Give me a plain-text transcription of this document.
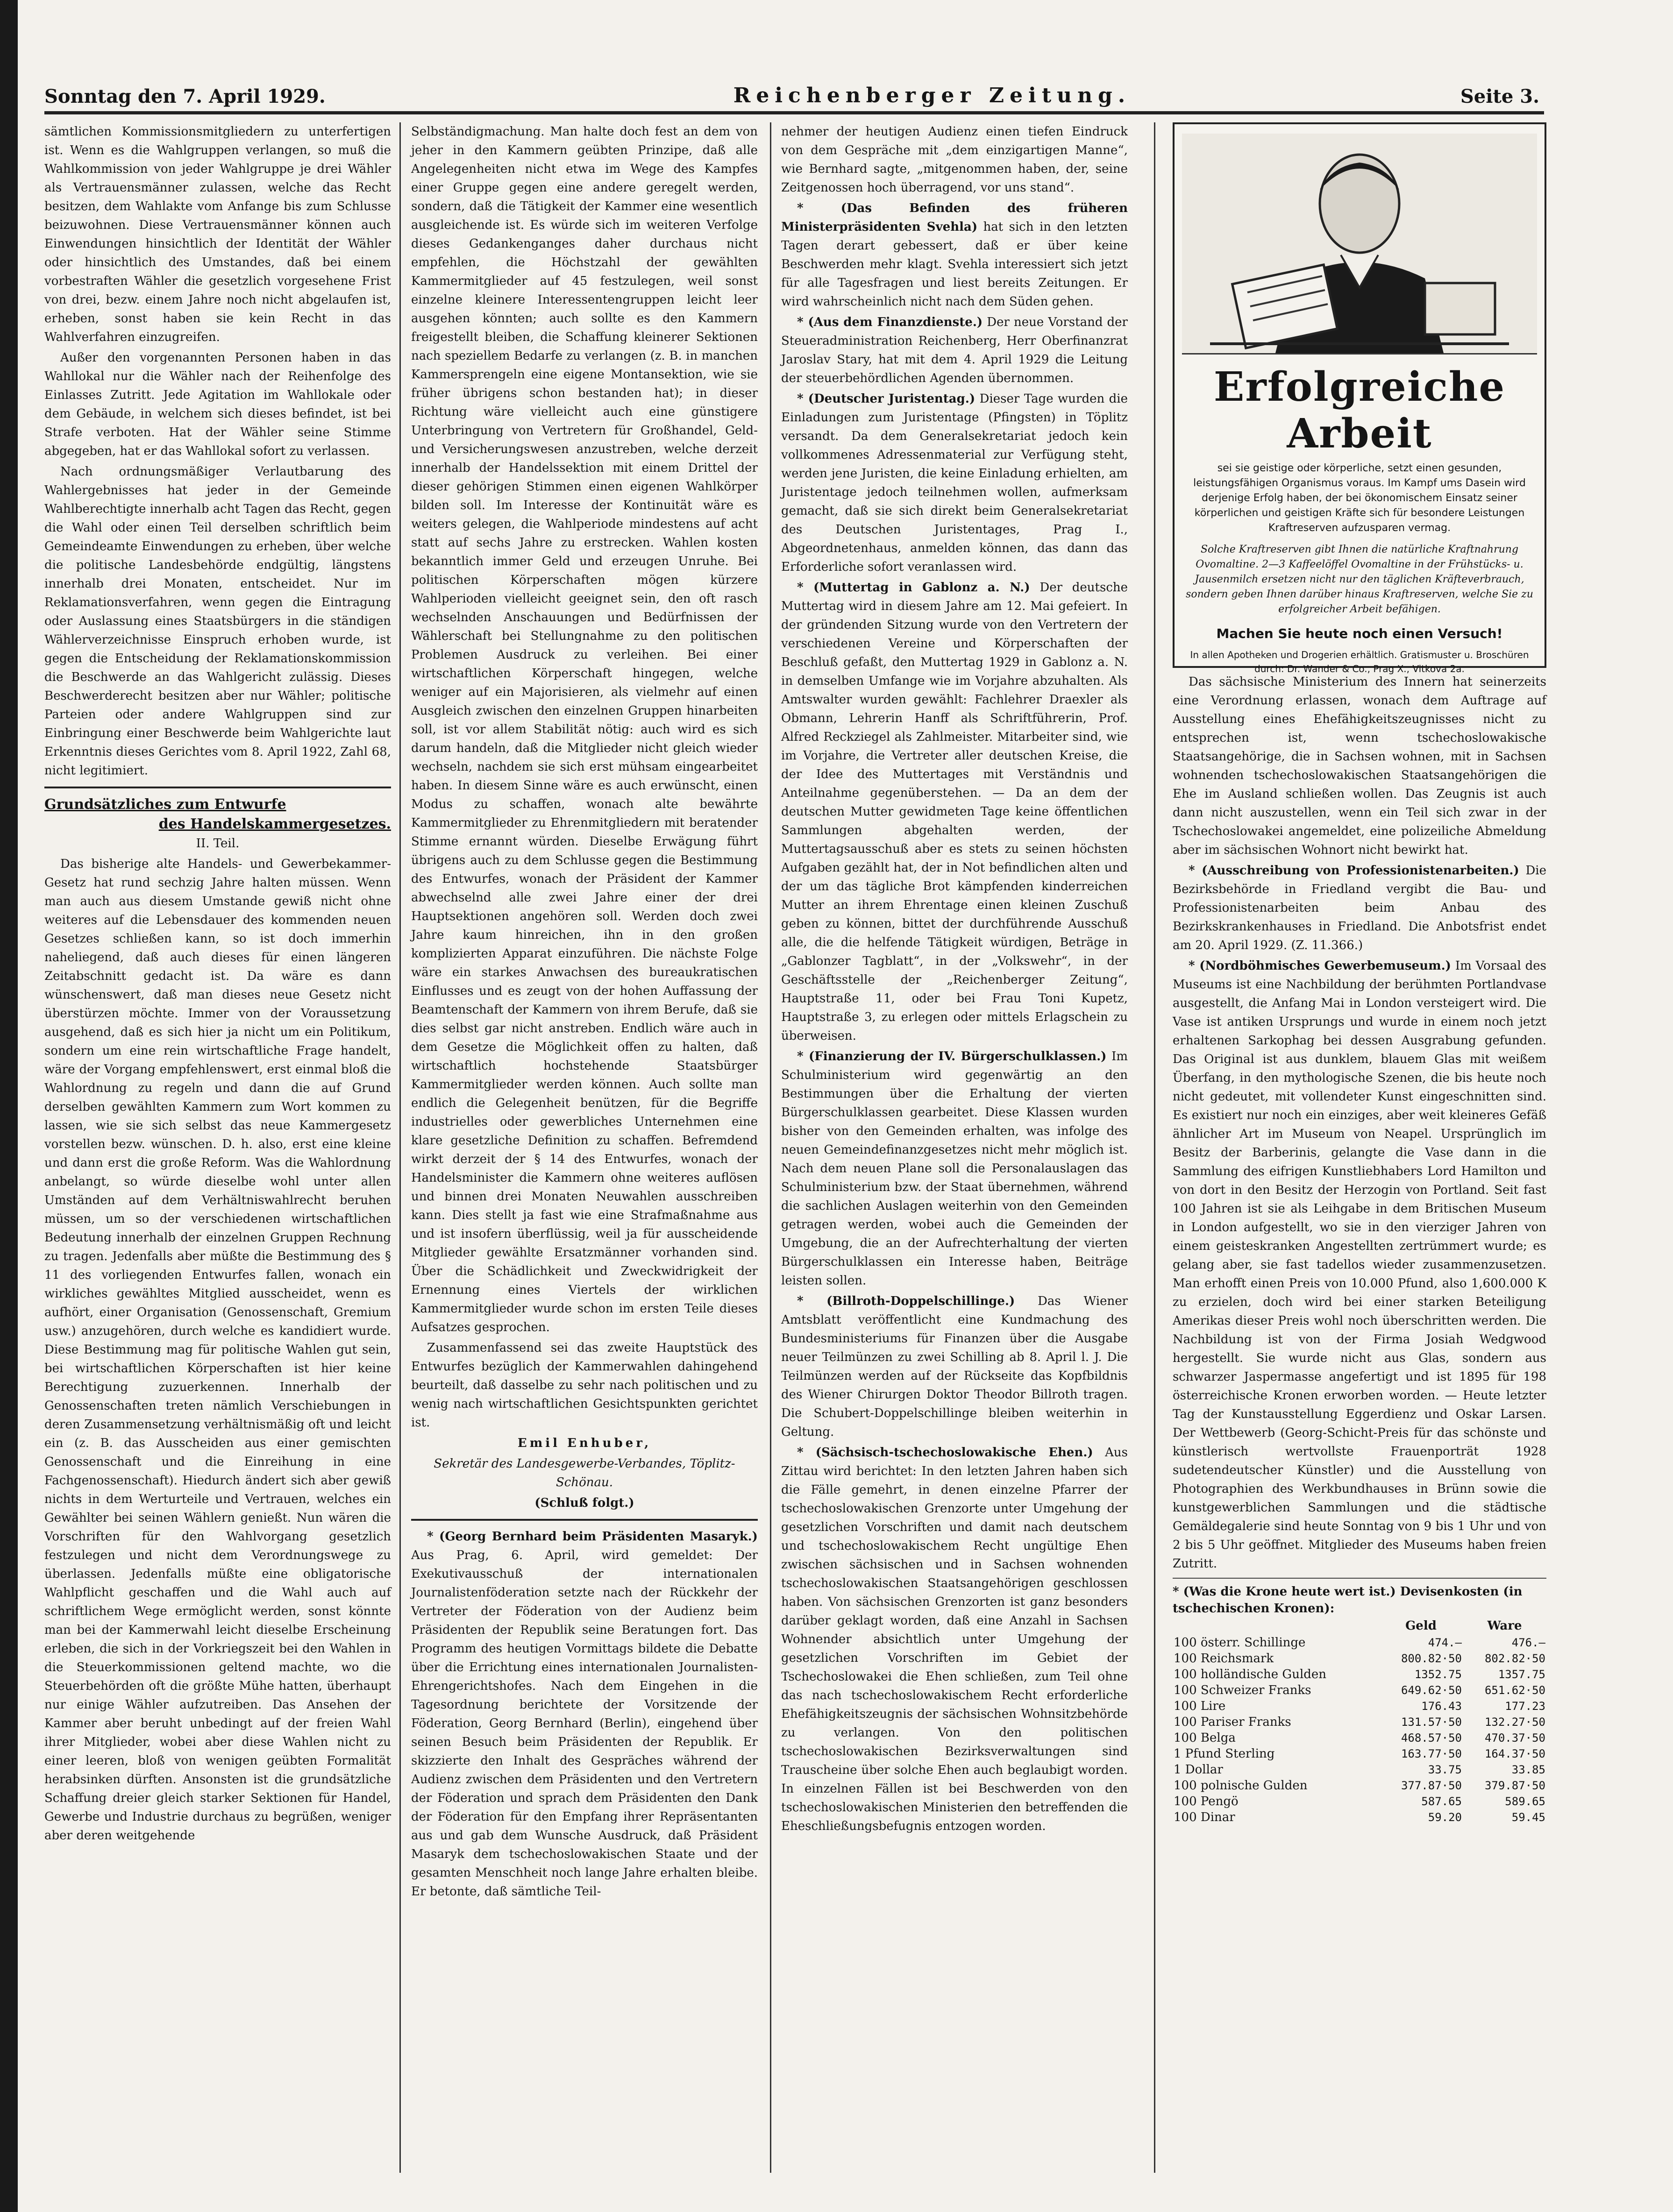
Sonntag den 7. April 1929.	Reichenberger Zeitung.	Seite 3.

sämtlichen Kommissionsmitgliedern zu unterfertigen ist. Wenn es die Wahlgruppen verlangen, so muß die Wahlkommission von jeder Wahlgruppe je drei Wähler als Vertrauensmänner zulassen, welche das Recht besitzen, dem Wahlakte vom Anfange bis zum Schlusse beizuwohnen. Diese Vertrauensmänner können auch Einwendungen hinsichtlich der Identität der Wähler oder hinsichtlich des Umstandes, daß bei einem vorbestraften Wähler die gesetzlich vorgesehene Frist von drei, bezw. einem Jahre noch nicht abgelaufen ist, erheben, sonst haben sie kein Recht in das Wahlverfahren einzugreifen.

Außer den vorgenannten Personen haben in das Wahllokal nur die Wähler nach der Reihenfolge des Einlasses Zutritt. Jede Agitation im Wahllokale oder dem Gebäude, in welchem sich dieses befindet, ist bei Strafe verboten. Hat der Wähler seine Stimme abgegeben, hat er das Wahllokal sofort zu verlassen.

Nach ordnungsmäßiger Verlautbarung des Wahlergebnisses hat jeder in der Gemeinde Wahlberechtigte innerhalb acht Tagen das Recht, gegen die Wahl oder einen Teil derselben schriftlich beim Gemeindeamte Einwendungen zu erheben, über welche die politische Landesbehörde endgültig, längstens innerhalb drei Monaten, entscheidet. Nur im Reklamationsverfahren, wenn gegen die Eintragung oder Auslassung eines Staatsbürgers in die ständigen Wählerverzeichnisse Einspruch erhoben wurde, ist gegen die Entscheidung der Reklamationskommission die Beschwerde an das Wahlgericht zulässig. Dieses Beschwerderecht besitzen aber nur Wähler; politische Parteien oder andere Wahlgruppen sind zur Einbringung einer Beschwerde beim Wahlgerichte laut Erkenntnis dieses Gerichtes vom 8. April 1922, Zahl 68, nicht legitimiert.

Grundsätzliches zum Entwurfe
des Handelskammergesetzes.

II. Teil.

Das bisherige alte Handels- und Gewerbekammer-Gesetz hat rund sechzig Jahre halten müssen. Wenn man auch aus diesem Umstande gewiß nicht ohne weiteres auf die Lebensdauer des kommenden neuen Gesetzes schließen kann, so ist doch immerhin naheliegend, daß auch dieses für einen längeren Zeitabschnitt gedacht ist. Da wäre es dann wünschenswert, daß man dieses neue Gesetz nicht überstürzen möchte. Immer von der Voraussetzung ausgehend, daß es sich hier ja nicht um ein Politikum, sondern um eine rein wirtschaftliche Frage handelt, wäre der Vorgang empfehlenswert, erst einmal bloß die Wahlordnung zu regeln und dann die auf Grund derselben gewählten Kammern zum Wort kommen zu lassen, wie sie sich selbst das neue Kammergesetz vorstellen bezw. wünschen. D. h. also, erst eine kleine und dann erst die große Reform. Was die Wahlordnung anbelangt, so würde dieselbe wohl unter allen Umständen auf dem Verhältniswahlrecht beruhen müssen, um so der verschiedenen wirtschaftlichen Bedeutung innerhalb der einzelnen Gruppen Rechnung zu tragen. Jedenfalls aber müßte die Bestimmung des § 11 des vorliegenden Entwurfes fallen, wonach ein wirkliches gewähltes Mitglied ausscheidet, wenn es aufhört, einer Organisation (Genossenschaft, Gremium usw.) anzugehören, durch welche es kandidiert wurde. Diese Bestimmung mag für politische Wahlen gut sein, bei wirtschaftlichen Körperschaften ist hier keine Berechtigung zuzuerkennen. Innerhalb der Genossenschaften treten nämlich Verschiebungen in deren Zusammensetzung verhältnismäßig oft und leicht ein (z. B. das Ausscheiden aus einer gemischten Genossenschaft und die Einreihung in eine Fachgenossenschaft). Hiedurch ändert sich aber gewiß nichts in dem Werturteile und Vertrauen, welches ein Gewählter bei seinen Wählern genießt. Nun wären die Vorschriften für den Wahlvorgang gesetzlich festzulegen und nicht dem Verordnungswege zu überlassen. Jedenfalls müßte eine obligatorische Wahlpflicht geschaffen und die Wahl auch auf schriftlichem Wege ermöglicht werden, sonst könnte man bei der Kammerwahl leicht dieselbe Erscheinung erleben, die sich in der Vorkriegszeit bei den Wahlen in die Steuerkommissionen geltend machte, wo die Steuerbehörden oft die größte Mühe hatten, überhaupt nur einige Wähler aufzutreiben. Das Ansehen der Kammer aber beruht unbedingt auf der freien Wahl ihrer Mitglieder, wobei aber diese Wahlen nicht zu einer leeren, bloß von wenigen geübten Formalität herabsinken dürften. Ansonsten ist die grundsätzliche Schaffung dreier gleich starker Sektionen für Handel, Gewerbe und Industrie durchaus zu begrüßen, weniger aber deren weitgehende

Selbständigmachung. Man halte doch fest an dem von jeher in den Kammern geübten Prinzipe, daß alle Angelegenheiten nicht etwa im Wege des Kampfes einer Gruppe gegen eine andere geregelt werden, sondern, daß die Tätigkeit der Kammer eine wesentlich ausgleichende ist. Es würde sich im weiteren Verfolge dieses Gedankenganges daher durchaus nicht empfehlen, die Höchstzahl der gewählten Kammermitglieder auf 45 festzulegen, weil sonst einzelne kleinere Interessentengruppen leicht leer ausgehen könnten; auch sollte es den Kammern freigestellt bleiben, die Schaffung kleinerer Sektionen nach speziellem Bedarfe zu verlangen (z. B. in manchen Kammersprengeln eine eigene Montansektion, wie sie früher übrigens schon bestanden hat); in dieser Richtung wäre vielleicht auch eine günstigere Unterbringung von Vertretern für Großhandel, Geld- und Versicherungswesen anzustreben, welche derzeit innerhalb der Handelssektion mit einem Drittel der dieser gehörigen Stimmen einen eigenen Wahlkörper bilden soll. Im Interesse der Kontinuität wäre es weiters gelegen, die Wahlperiode mindestens auf acht statt auf sechs Jahre zu erstrecken. Wahlen kosten bekanntlich immer Geld und erzeugen Unruhe. Bei politischen Körperschaften mögen kürzere Wahlperioden vielleicht geeignet sein, den oft rasch wechselnden Anschauungen und Bedürfnissen der Wählerschaft bei Stellungnahme zu den politischen Problemen Ausdruck zu verleihen. Bei einer wirtschaftlichen Körperschaft hingegen, welche weniger auf ein Majorisieren, als vielmehr auf einen Ausgleich zwischen den einzelnen Gruppen hinarbeiten soll, ist vor allem Stabilität nötig: auch wird es sich darum handeln, daß die Mitglieder nicht gleich wieder wechseln, nachdem sie sich erst mühsam eingearbeitet haben. In diesem Sinne wäre es auch erwünscht, einen Modus zu schaffen, wonach alte bewährte Kammermitglieder zu Ehrenmitgliedern mit beratender Stimme ernannt würden. Dieselbe Erwägung führt übrigens auch zu dem Schlusse gegen die Bestimmung des Entwurfes, wonach der Präsident der Kammer abwechselnd alle zwei Jahre einer der drei Hauptsektionen angehören soll. Werden doch zwei Jahre kaum hinreichen, ihn in den großen komplizierten Apparat einzuführen. Die nächste Folge wäre ein starkes Anwachsen des bureaukratischen Einflusses und es zeugt von der hohen Auffassung der Beamtenschaft der Kammern von ihrem Berufe, daß sie dies selbst gar nicht anstreben. Endlich wäre auch in dem Gesetze die Möglichkeit offen zu halten, daß wirtschaftlich hochstehende Staatsbürger Kammermitglieder werden können. Auch sollte man endlich die Gelegenheit benützen, für die Begriffe industrielles oder gewerbliches Unternehmen eine klare gesetzliche Definition zu schaffen. Befremdend wirkt derzeit der § 14 des Entwurfes, wonach der Handelsminister die Kammern ohne weiteres auflösen und binnen drei Monaten Neuwahlen ausschreiben kann. Dies stellt ja fast wie eine Strafmaßnahme aus und ist insofern überflüssig, weil ja für ausscheidende Mitglieder gewählte Ersatzmänner vorhanden sind. Über die Schädlichkeit und Zweckwidrigkeit der Ernennung eines Viertels der wirklichen Kammermitglieder wurde schon im ersten Teile dieses Aufsatzes gesprochen.

Zusammenfassend sei das zweite Hauptstück des Entwurfes bezüglich der Kammerwahlen dahingehend beurteilt, daß dasselbe zu sehr nach politischen und zu wenig nach wirtschaftlichen Gesichtspunkten gerichtet ist.

Emil Enhuber,

Sekretär des Landesgewerbe-Verbandes, Töplitz-Schönau.

(Schluß folgt.)

* (Georg Bernhard beim Präsidenten Masaryk.) Aus Prag, 6. April, wird gemeldet: Der Exekutivausschuß der internationalen Journalistenföderation setzte nach der Rückkehr der Vertreter der Föderation von der Audienz beim Präsidenten der Republik seine Beratungen fort. Das Programm des heutigen Vormittags bildete die Debatte über die Errichtung eines internationalen Journalisten-Ehrengerichtshofes. Nach dem Eingehen in die Tagesordnung berichtete der Vorsitzende der Föderation, Georg Bernhard (Berlin), eingehend über seinen Besuch beim Präsidenten der Republik. Er skizzierte den Inhalt des Gespräches während der Audienz zwischen dem Präsidenten und den Vertretern der Föderation und sprach dem Präsidenten den Dank der Föderation für den Empfang ihrer Repräsentanten aus und gab dem Wunsche Ausdruck, daß Präsident Masaryk dem tschechoslowakischen Staate und der gesamten Menschheit noch lange Jahre erhalten bleibe. Er betonte, daß sämtliche Teil-

nehmer der heutigen Audienz einen tiefen Eindruck von dem Gespräche mit „dem einzigartigen Manne“, wie Bernhard sagte, „mitgenommen haben, der, seine Zeitgenossen hoch überragend, vor uns stand“.

* (Das Befinden des früheren Ministerpräsidenten Svehla) hat sich in den letzten Tagen derart gebessert, daß er über keine Beschwerden mehr klagt. Svehla interessiert sich jetzt für alle Tagesfragen und liest bereits Zeitungen. Er wird wahrscheinlich nicht nach dem Süden gehen.

* (Aus dem Finanzdienste.) Der neue Vorstand der Steueradministration Reichenberg, Herr Oberfinanzrat Jaroslav Stary, hat mit dem 4. April 1929 die Leitung der steuerbehördlichen Agenden übernommen.

* (Deutscher Juristentag.) Dieser Tage wurden die Einladungen zum Juristentage (Pfingsten) in Töplitz versandt. Da dem Generalsekretariat jedoch kein vollkommenes Adressenmaterial zur Verfügung steht, werden jene Juristen, die keine Einladung erhielten, am Juristentage jedoch teilnehmen wollen, aufmerksam gemacht, daß sie sich direkt beim Generalsekretariat des Deutschen Juristentages, Prag I., Abgeordnetenhaus, anmelden können, das dann das Erforderliche sofort veranlassen wird.

* (Muttertag in Gablonz a. N.) Der deutsche Muttertag wird in diesem Jahre am 12. Mai gefeiert. In der gründenden Sitzung wurde von den Vertretern der verschiedenen Vereine und Körperschaften der Beschluß gefaßt, den Muttertag 1929 in Gablonz a. N. in demselben Umfange wie im Vorjahre abzuhalten. Als Amtswalter wurden gewählt: Fachlehrer Draexler als Obmann, Lehrerin Hanff als Schriftführerin, Prof. Alfred Reckziegel als Zahlmeister. Mitarbeiter sind, wie im Vorjahre, die Vertreter aller deutschen Kreise, die der Idee des Muttertages mit Verständnis und Anteilnahme gegenüberstehen. — Da an dem der deutschen Mutter gewidmeten Tage keine öffentlichen Sammlungen abgehalten werden, der Muttertagsausschuß aber es stets zu seinen höchsten Aufgaben gezählt hat, der in Not befindlichen alten und der um das tägliche Brot kämpfenden kinderreichen Mutter an ihrem Ehrentage einen kleinen Zuschuß geben zu können, bittet der durchführende Ausschuß alle, die die helfende Tätigkeit würdigen, Beträge in „Gablonzer Tagblatt“, in der „Volkswehr“, in der Geschäftsstelle der „Reichenberger Zeitung“, Hauptstraße 11, oder bei Frau Toni Kupetz, Hauptstraße 3, zu erlegen oder mittels Erlagschein zu überweisen.

* (Finanzierung der IV. Bürgerschulklassen.) Im Schulministerium wird gegenwärtig an den Bestimmungen über die Erhaltung der vierten Bürgerschulklassen gearbeitet. Diese Klassen wurden bisher von den Gemeinden erhalten, was infolge des neuen Gemeindefinanzgesetzes nicht mehr möglich ist. Nach dem neuen Plane soll die Personalauslagen das Schulministerium bzw. der Staat übernehmen, während die sachlichen Auslagen weiterhin von den Gemeinden getragen werden, wobei auch die Gemeinden der Umgebung, die an der Aufrechterhaltung der vierten Bürgerschulklassen ein Interesse haben, Beiträge leisten sollen.

* (Billroth-Doppelschillinge.) Das Wiener Amtsblatt veröffentlicht eine Kundmachung des Bundesministeriums für Finanzen über die Ausgabe neuer Teilmünzen zu zwei Schilling ab 8. April l. J. Die Teilmünzen werden auf der Rückseite das Kopfbildnis des Wiener Chirurgen Doktor Theodor Billroth tragen. Die Schubert-Doppelschillinge bleiben weiterhin in Geltung.

* (Sächsisch-tschechoslowakische Ehen.) Aus Zittau wird berichtet: In den letzten Jahren haben sich die Fälle gemehrt, in denen einzelne Pfarrer der tschechoslowakischen Grenzorte unter Umgehung der gesetzlichen Vorschriften und damit nach deutschem und tschechoslowakischem Recht ungültige Ehen zwischen sächsischen und in Sachsen wohnenden tschechoslowakischen Staatsangehörigen geschlossen haben. Von sächsischen Grenzorten ist ganz besonders darüber geklagt worden, daß eine Anzahl in Sachsen Wohnender absichtlich unter Umgehung der gesetzlichen Vorschriften im Gebiet der Tschechoslowakei die Ehen schließen, zum Teil ohne das nach tschechoslowakischem Recht erforderliche Ehefähigkeitszeugnis der sächsischen Wohnsitzbehörde zu verlangen. Von den politischen tschechoslowakischen Bezirksverwaltungen sind Trauscheine über solche Ehen auch beglaubigt worden. In einzelnen Fällen ist bei Beschwerden von den tschechoslowakischen Ministerien den betreffenden die Eheschließungsbefugnis entzogen worden.

Erfolgreiche Arbeit
sei sie geistige oder körperliche, setzt einen gesunden, leistungsfähigen Organismus voraus. Im Kampf ums Dasein wird derjenige Erfolg haben, der bei ökonomischem Einsatz seiner körperlichen und geistigen Kräfte sich für besondere Leistungen Kraftreserven aufzusparen vermag.
Solche Kraftreserven gibt Ihnen die natürliche Kraftnahrung Ovomaltine. 2—3 Kaffeelöffel Ovomaltine in der Frühstücks- u. Jausenmilch ersetzen nicht nur den täglichen Kräfteverbrauch, sondern geben Ihnen darüber hinaus Kraftreserven, welche Sie zu erfolgreicher Arbeit befähigen.
Machen Sie heute noch einen Versuch!
In allen Apotheken und Drogerien erhältlich. Gratismuster u. Broschüren durch: Dr. Wander & Co., Prag X., Vitkova 2a.

Das sächsische Ministerium des Innern hat seinerzeits eine Verordnung erlassen, wonach dem Auftrage auf Ausstellung eines Ehefähigkeitszeugnisses nicht zu entsprechen ist, wenn tschechoslowakische Staatsangehörige, die in Sachsen wohnen, mit in Sachsen wohnenden tschechoslowakischen Staatsangehörigen die Ehe im Ausland schließen wollen. Das Zeugnis ist auch dann nicht auszustellen, wenn ein Teil sich zwar in der Tschechoslowakei angemeldet, eine polizeiliche Abmeldung aber im sächsischen Wohnort nicht bewirkt hat.

* (Ausschreibung von Professionistenarbeiten.) Die Bezirksbehörde in Friedland vergibt die Bau- und Professionistenarbeiten beim Anbau des Bezirkskrankenhauses in Friedland. Die Anbotsfrist endet am 20. April 1929. (Z. 11.366.)

* (Nordböhmisches Gewerbemuseum.) Im Vorsaal des Museums ist eine Nachbildung der berühmten Portlandvase ausgestellt, die Anfang Mai in London versteigert wird. Die Vase ist antiken Ursprungs und wurde in einem noch jetzt erhaltenen Sarkophag bei dessen Ausgrabung gefunden. Das Original ist aus dunklem, blauem Glas mit weißem Überfang, in den mythologische Szenen, die bis heute noch nicht gedeutet, mit vollendeter Kunst eingeschnitten sind. Es existiert nur noch ein einziges, aber weit kleineres Gefäß ähnlicher Art im Museum von Neapel. Ursprünglich im Besitz der Barberinis, gelangte die Vase dann in die Sammlung des eifrigen Kunstliebhabers Lord Hamilton und von dort in den Besitz der Herzogin von Portland. Seit fast 100 Jahren ist sie als Leihgabe in dem Britischen Museum in London aufgestellt, wo sie in den vierziger Jahren von einem geisteskranken Angestellten zertrümmert wurde; es gelang aber, sie fast tadellos wieder zusammenzusetzen. Man erhofft einen Preis von 10.000 Pfund, also 1,600.000 K zu erzielen, doch wird bei einer starken Beteiligung Amerikas dieser Preis wohl noch überschritten werden. Die Nachbildung ist von der Firma Josiah Wedgwood hergestellt. Sie wurde nicht aus Glas, sondern aus schwarzer Jaspermasse angefertigt und ist 1895 für 198 österreichische Kronen erworben worden. — Heute letzter Tag der Kunstausstellung Eggerdienz und Oskar Larsen. Der Wettbewerb (Georg-Schicht-Preis für das schönste und künstlerisch wertvollste Frauenporträt 1928 sudetendeutscher Künstler) und die Ausstellung von Photographien des Werkbundhauses in Brünn sowie die kunstgewerblichen Sammlungen und die städtische Gemäldegalerie sind heute Sonntag von 9 bis 1 Uhr und von 2 bis 5 Uhr geöffnet. Mitglieder des Museums haben freien Zutritt.

* (Was die Krone heute wert ist.) Devisenkosten (in tschechischen Kronen):
	Geld	Ware
100 österr. Schillinge	474.—	476.—
100 Reichsmark	800.82·50	802.82·50
100 holländische Gulden	1352.75	1357.75
100 Schweizer Franks	649.62·50	651.62·50
100 Lire	176.43	177.23
100 Pariser Franks	131.57·50	132.27·50
100 Belga	468.57·50	470.37·50
1 Pfund Sterling	163.77·50	164.37·50
1 Dollar	33.75	33.85
100 polnische Gulden	377.87·50	379.87·50
100 Pengö	587.65	589.65
100 Dinar	59.20	59.45
